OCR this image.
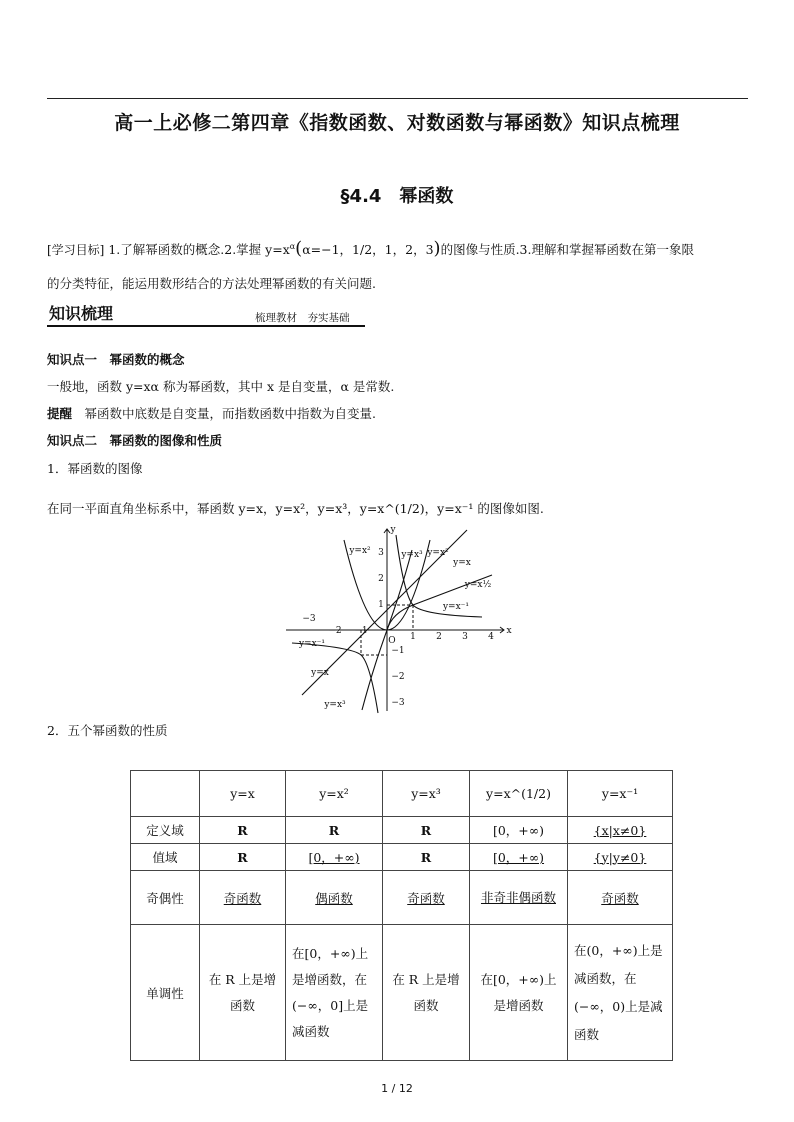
高一上必修二第四章《指数函数、对数函数与幂函数》知识点梳理
§4.4　幂函数
[学习目标] 1.了解幂函数的概念.2.掌握 $y=x^\alpha(\alpha=-1$，1/2，1，2，3)的图像与性质.3.理解和掌握幂函数在第一象限
的分类特征，能运用数形结合的方法处理幂函数的有关问题.
知识梳理	梳理教材　夯实基础
知识点一　幂函数的概念
一般地，函数 y=xα 称为幂函数，其中 x 是自变量，α 是常数.
提醒　幂函数中底数是自变量，而指数函数中指数为自变量.
知识点二　幂函数的图像和性质
1．幂函数的图像
在同一平面直角坐标系中，幂函数 y=x，y=x²，y=x³，y=x^(1/2)，y=x⁻¹ 的图像如图.
x
y
O
−3
−2 −1
1 2 3 4
3
2
1
−1
−2
−3
y=x²	y=x³ y=x²
y=x
y=x½
y=x⁻¹
y=x⁻¹
y=x
y=x³
2．五个幂函数的性质
	y=x	y=x²	y=x³	y=x^(1/2)	y=x⁻¹
定义域	R	R	R	[0，+∞)	{x|x≠0}
值域	R	[0，+∞)	R	[0，+∞)	{y|y≠0}
奇偶性	奇函数	偶函数	奇函数	非奇非偶函数	奇函数
单调性	在 R 上是增函数	在[0，+∞)上是增函数，在(−∞，0]上是减函数	在 R 上是增函数	在[0，+∞)上是增函数	在(0，+∞)上是减函数，在(−∞，0)上是减函数
1 / 12
